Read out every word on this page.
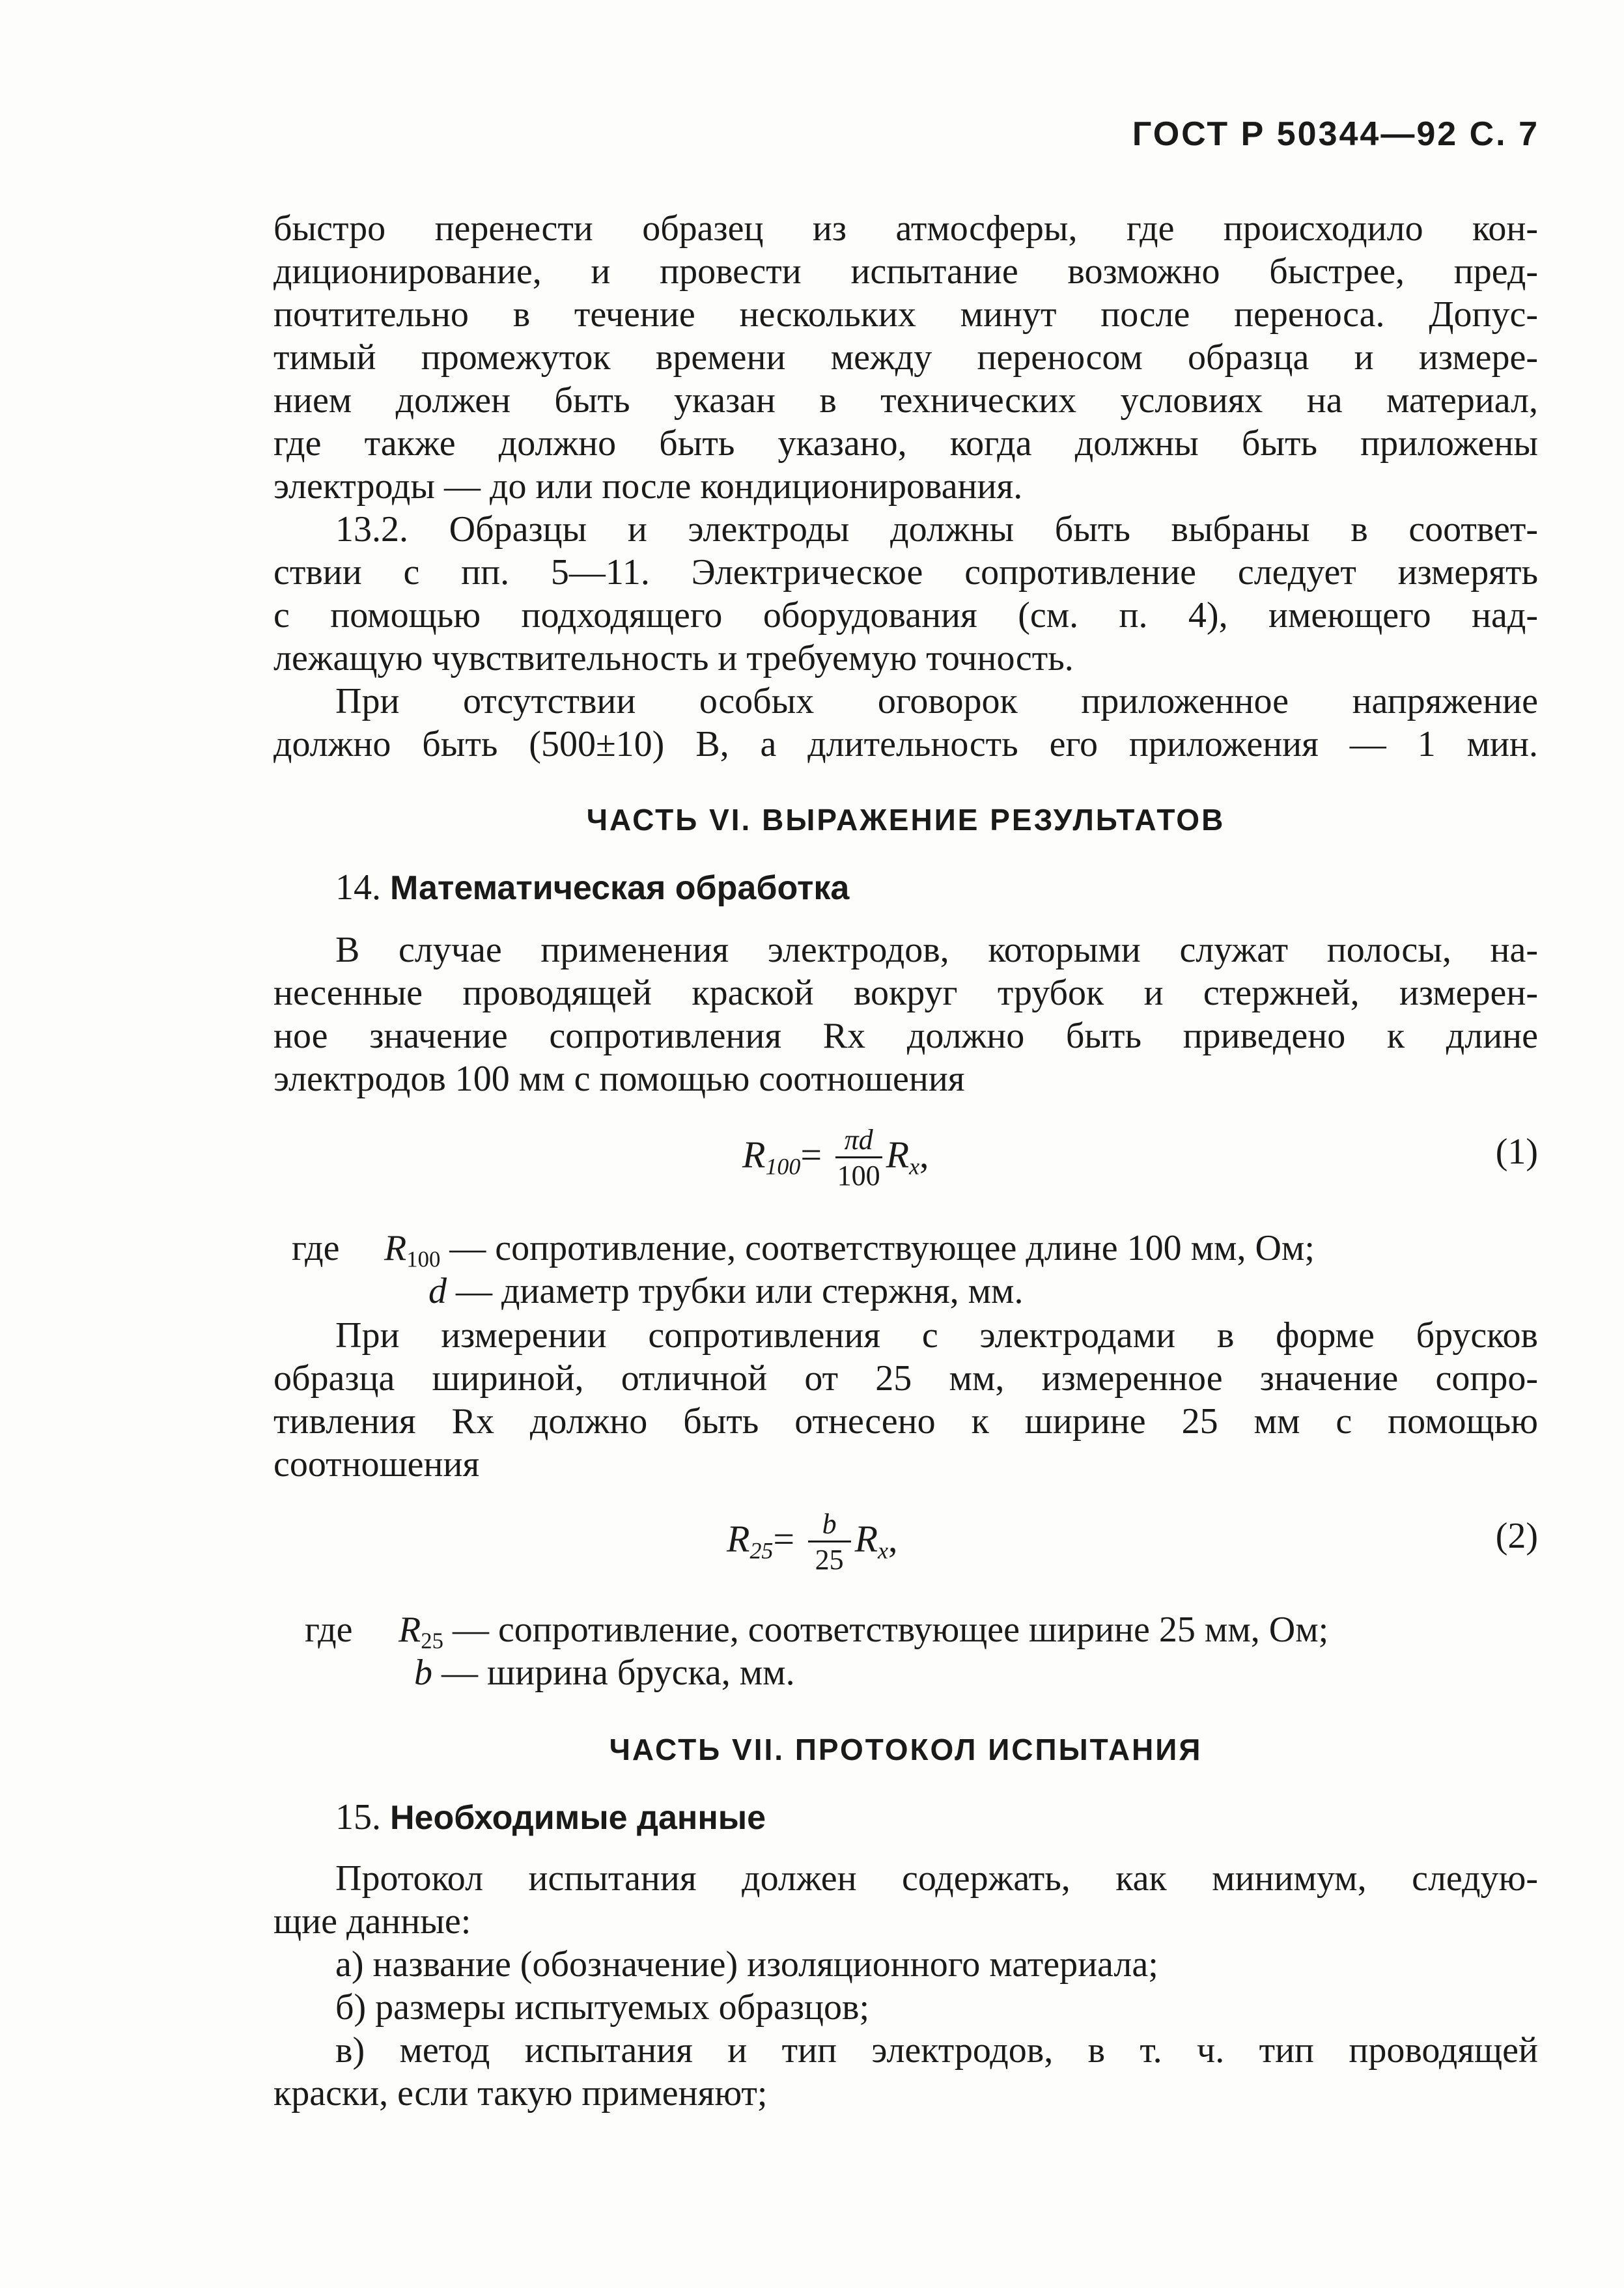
ГОСТ Р 50344—92 С. 7
быстро перенести образец из атмосферы, где происходило кон-
диционирование, и провести испытание возможно быстрее, пред-
почтительно в течение нескольких минут после переноса. Допус-
тимый промежуток времени между переносом образца и измере-
нием должен быть указан в технических условиях на материал,
где также должно быть указано, когда должны быть приложены
электроды — до или после кондиционирования.
13.2. Образцы и электроды должны быть выбраны в соответ-
ствии с пп. 5—11. Электрическое сопротивление следует измерять
с помощью подходящего оборудования (см. п. 4), имеющего над-
лежащую чувствительность и требуемую точность.
При отсутствии особых оговорок приложенное напряжение
должно быть (500±10) В, а длительность его приложения — 1 мин.
ЧАСТЬ VI. ВЫРАЖЕНИЕ РЕЗУЛЬТАТОВ
14. Математическая обработка
В случае применения электродов, которыми служат полосы, на-
несенные проводящей краской вокруг трубок и стержней, измерен-
ное значение сопротивления Rx должно быть приведено к длине
электродов 100 мм с помощью соотношения
$R_{100}= \frac{\pi d}{100} R_x$,	(1)
где $R_{100}$ — сопротивление, соответствующее длине 100 мм, Ом;
d — диаметр трубки или стержня, мм.
При измерении сопротивления с электродами в форме брусков
образца шириной, отличной от 25 мм, измеренное значение сопро-
тивления Rx должно быть отнесено к ширине 25 мм с помощью
соотношения
$R_{25}= \frac{b}{25} R_x$,	(2)
где $R_{25}$ — сопротивление, соответствующее ширине 25 мм, Ом;
b — ширина бруска, мм.
ЧАСТЬ VII. ПРОТОКОЛ ИСПЫТАНИЯ
15. Необходимые данные
Протокол испытания должен содержать, как минимум, следую-
щие данные:
а) название (обозначение) изоляционного материала;
б) размеры испытуемых образцов;
в) метод испытания и тип электродов, в т. ч. тип проводящей
краски, если такую применяют;
